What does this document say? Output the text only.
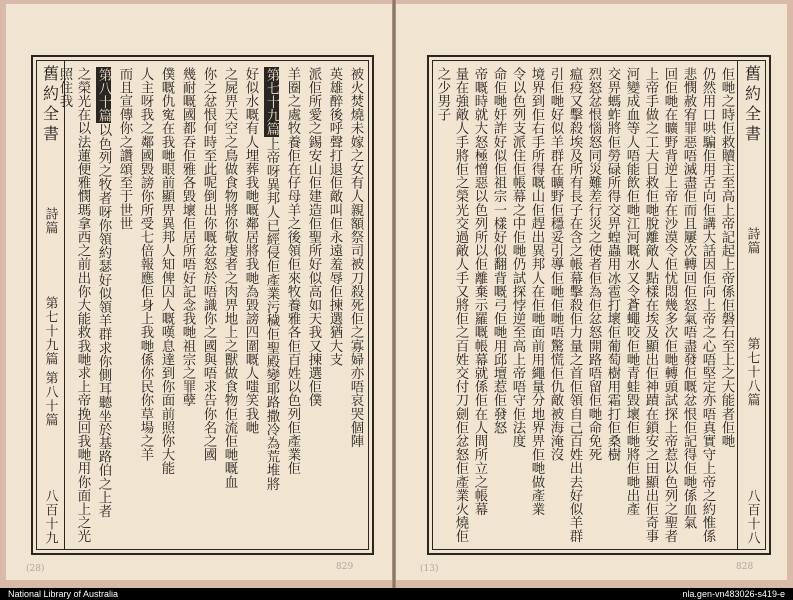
舊約全書
詩篇
第七十九篇 第八十篇
八百十九
被火焚燒未嫁之女有人親額祭司被刀殺死佢之寡婦亦唔哀哭個陣
英雄醉後呼聲打退佢敵叫佢永遠羞辱佢揀選猶大支
派佢所愛之錫安山佢建造佢聖所好似高如天我又揀選佢僕
羊圈之處牧養佢在仔母羊之後領佢來牧養雅各佢百姓以色列佢產業佢
第七十九篇上帝呀異邦人已經侵佢產業污穢佢聖殿變耶路撒冷為荒堆將
好似水嘅有人埋葬我哋嘅鄰居將我哋為毀謗四圍嘅人嗤笑我哋
之屍畀天空之鳥做食物將你敬虔者之肉畀地上之獸做食物佢流佢哋嘅血
你之忿恨何時至此呢倒出你嘅忿怒於唔識你之國與唔求告你名之國
幾耐嘅國都吞佢雅各毀壞佢居所唔好記念我哋祖宗之罪孽
僕嘅仇寃在我哋眼前顯畀異邦人知俾囚人嘅嘆息達到你面前照你大能
人主呀我之鄰國毀謗你所受七倍報應佢身上我哋係你民你草場之羊
而且宣傳你之讚頌至于世世
第八十篇以色列之牧者呀你領約瑟好似領羊群求你側耳聽坐於基路伯之上者
之榮光在以法蓮便雅憫瑪拿西之前出你大能救我哋求上帝挽回我哋用你面上之光照住我
(28)	829
舊約全書
詩篇
第七十八篇
八百十八
佢哋之時佢救贖主至高上帝記起上帝係佢磐石至上之大能者佢哋
仍然用口哄騙佢用舌向佢講大話因佢向上帝之心唔堅定亦唔真實守上帝之約惟係
悲憫赦宥罪惡唔滅盡佢而且屢次轉回佢怒氣唔盡發佢嘅忿恨佢記得佢哋係血氣
回佢哋在曠野背逆上帝在沙漠令佢忧悶幾多次佢哋轉頭試探上帝惹以色列之聖者
上帝手做之工大日救佢哋脫離敵人點樣在埃及顯出佢神蹟在鎖安之田顯出佢奇事
河變成血等人唔能飲佢哋江河嘅水又令蒼蠅咬佢哋青蛙毀壞佢哋將佢哋出產
交畀螞蚱將佢勞碌所得交畀蝗蟲用冰雹打壞佢葡萄樹用霜打佢桑樹
烈怒忿恨惱怒同災難差行災之使者佢為佢忿怒開路唔留佢哋命免死
瘟疫又擊殺埃及所有長子在含之帳幕擊殺佢力量之首佢領自己百姓出去好似羊群
引佢哋好似羊群在曠野佢穩妥引導佢哋佢哋唔驚慌佢仇敵被海淹沒
境界到佢右手所得嘅山佢趕出異邦人在佢哋面前用繩量分地界畀佢哋做產業
令以色列支派住佢帳幕之中佢哋仍試探悖逆至高上帝唔守佢法度
命佢哋奸詐好似佢祖宗一樣好似翻背嘅弓佢哋用邱壇惹佢發怒
帝嘅時就大怒極憎惡以色列所以佢離棄示羅嘅帳幕就係佢在人間所立之帳幕
量在強敵人手將佢之榮光交過敵人手又將佢之百姓交付刀劍佢忿怒佢產業火燒佢之少男子
(13)	828
National Library of Australia	nla.gen-vn483026-s419-e
